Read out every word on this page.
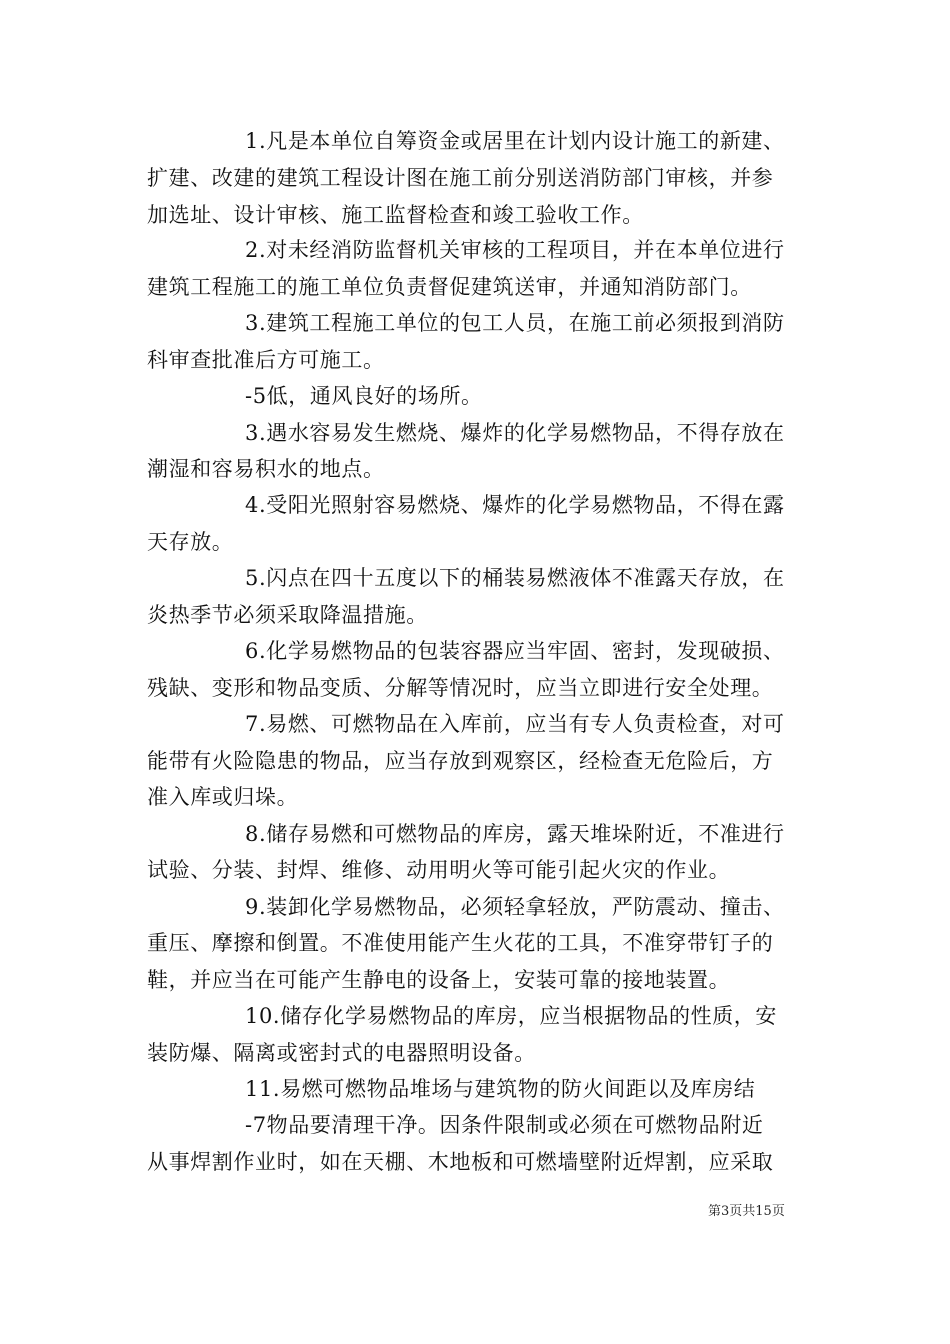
1.凡是本单位自筹资金或居里在计划内设计施工的新建、
扩建、改建的建筑工程设计图在施工前分别送消防部门审核，并参
加选址、设计审核、施工监督检查和竣工验收工作。
2.对未经消防监督机关审核的工程项目，并在本单位进行
建筑工程施工的施工单位负责督促建筑送审，并通知消防部门。
3.建筑工程施工单位的包工人员，在施工前必须报到消防
科审查批准后方可施工。
-5低，通风良好的场所。
3.遇水容易发生燃烧、爆炸的化学易燃物品，不得存放在
潮湿和容易积水的地点。
4.受阳光照射容易燃烧、爆炸的化学易燃物品，不得在露
天存放。
5.闪点在四十五度以下的桶装易燃液体不准露天存放，在
炎热季节必须采取降温措施。
6.化学易燃物品的包装容器应当牢固、密封，发现破损、
残缺、变形和物品变质、分解等情况时，应当立即进行安全处理。
7.易燃、可燃物品在入库前，应当有专人负责检查，对可
能带有火险隐患的物品，应当存放到观察区，经检查无危险后，方
准入库或归垛。
8.储存易燃和可燃物品的库房，露天堆垛附近，不准进行
试验、分装、封焊、维修、动用明火等可能引起火灾的作业。
9.装卸化学易燃物品，必须轻拿轻放，严防震动、撞击、
重压、摩擦和倒置。不准使用能产生火花的工具，不准穿带钉子的
鞋，并应当在可能产生静电的设备上，安装可靠的接地装置。
10.储存化学易燃物品的库房，应当根据物品的性质，安
装防爆、隔离或密封式的电器照明设备。
11.易燃可燃物品堆场与建筑物的防火间距以及库房结
-7物品要清理干净。因条件限制或必须在可燃物品附近
从事焊割作业时，如在天棚、木地板和可燃墙壁附近焊割，应采取
第3页共15页
